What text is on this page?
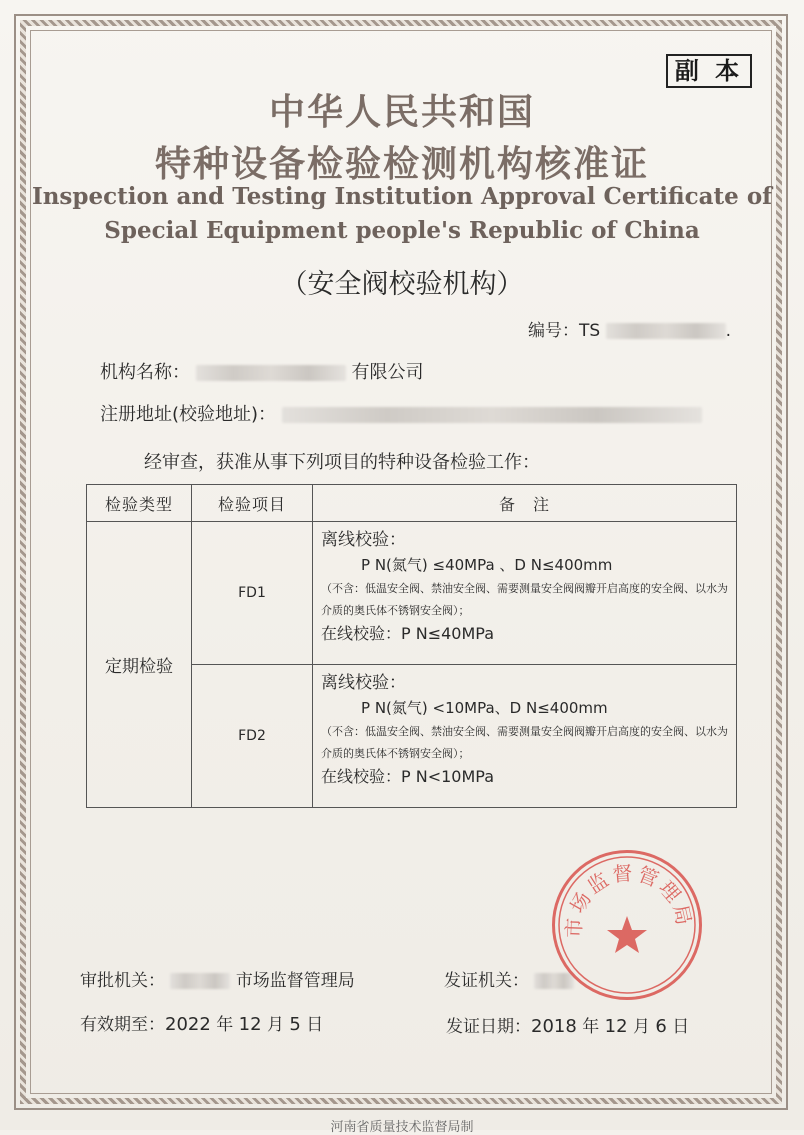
副 本
中华人民共和国
特种设备检验检测机构核准证
Inspection and Testing Institution Approval Certificate of
Special Equipment people's Republic of China
（安全阀校验机构）
编号：TS	.
机构名称：	有限公司
注册地址(校验地址)：
经审查，获准从事下列项目的特种设备检验工作：
检验类型	检验项目	备　注
定期检验	FD1	离线校验：
P N(氮气) ≤40MPa 、D N≤400mm
（不含：低温安全阀、禁油安全阀、需要测量安全阀阀瓣开启高度的安全阀、以水为介质的奥氏体不锈钢安全阀）；
在线校验：P N≤40MPa

	FD2	离线校验：
P N(氮气) <10MPa、D N≤400mm
（不含：低温安全阀、禁油安全阀、需要测量安全阀阀瓣开启高度的安全阀、以水为介质的奥氏体不锈钢安全阀）；
在线校验：P N<10MPa
审批机关：	市场监督管理局	发证机关：
有效期至：2022 年 12 月 5 日	发证日期：2018 年 12 月 6 日
市场监督管理局
河南省质量技术监督局制
